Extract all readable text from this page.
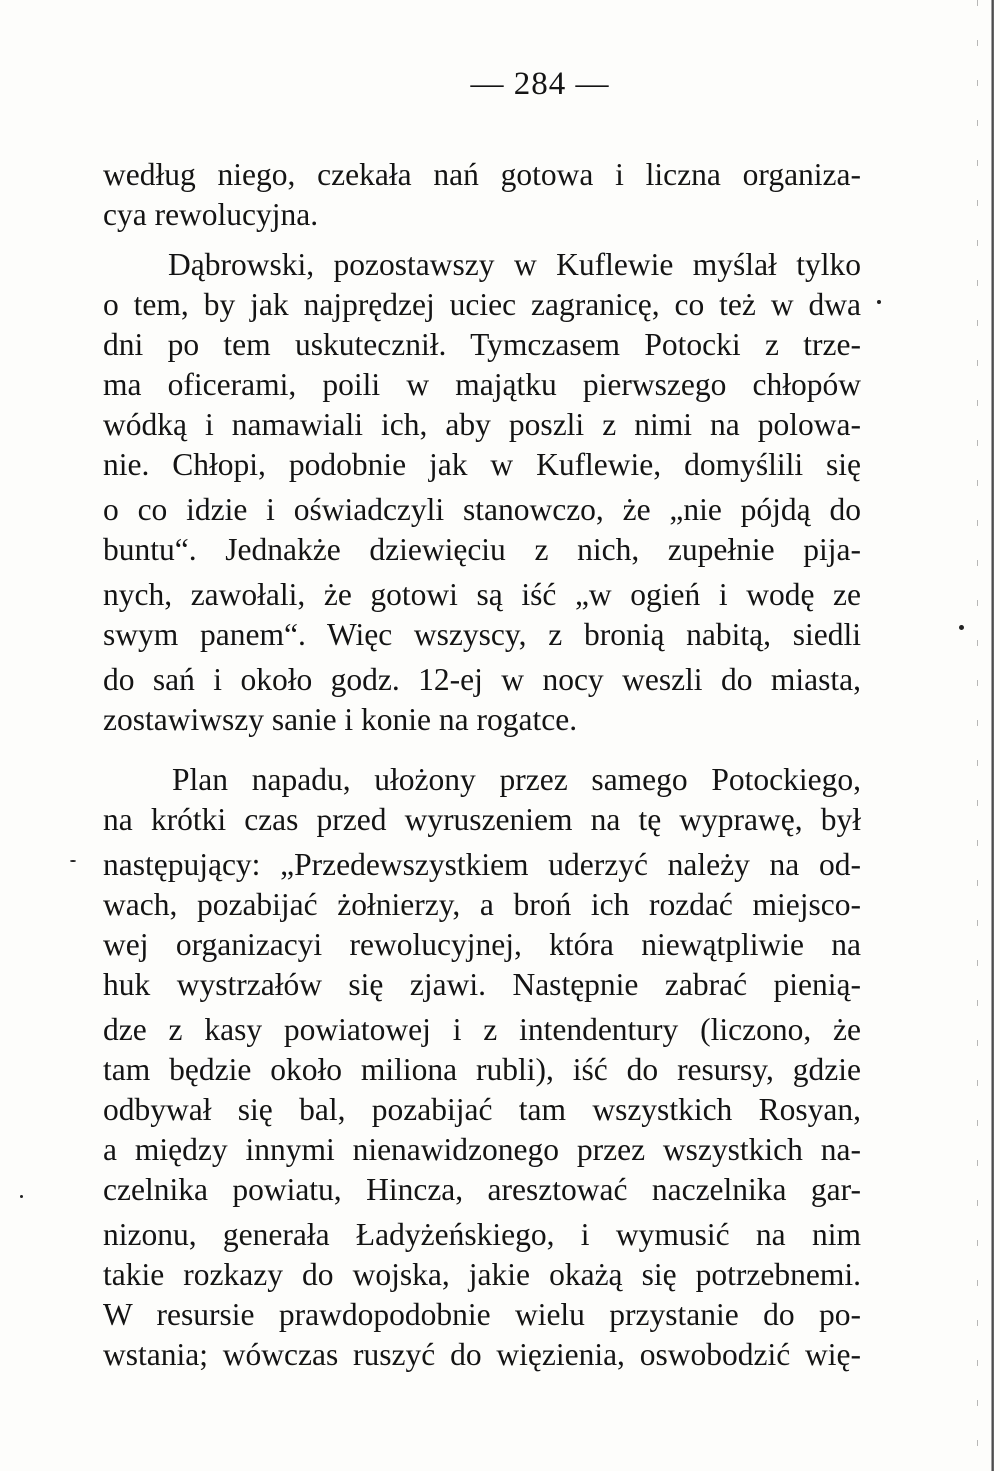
— 284 —
według niego, czekała nań gotowa i liczna organiza-
cya rewolucyjna.
Dąbrowski, pozostawszy w Kuflewie myślał tylko
o tem, by jak najprędzej uciec zagranicę, co też w dwa
dni po tem uskutecznił. Tymczasem Potocki z trze-
ma oficerami, poili w majątku pierwszego chłopów
wódką i namawiali ich, aby poszli z nimi na polowa-
nie. Chłopi, podobnie jak w Kuflewie, domyślili się
o co idzie i oświadczyli stanowczo, że „nie pójdą do
buntu“. Jednakże dziewięciu z nich, zupełnie pija-
nych, zawołali, że gotowi są iść „w ogień i wodę ze
swym panem“. Więc wszyscy, z bronią nabitą, siedli
do sań i około godz. 12-ej w nocy weszli do miasta,
zostawiwszy sanie i konie na rogatce.
Plan napadu, ułożony przez samego Potockiego,
na krótki czas przed wyruszeniem na tę wyprawę, był
następujący: „Przedewszystkiem uderzyć należy na od-
wach, pozabijać żołnierzy, a broń ich rozdać miejsco-
wej organizacyi rewolucyjnej, która niewątpliwie na
huk wystrzałów się zjawi. Następnie zabrać pienią-
dze z kasy powiatowej i z intendentury (liczono, że
tam będzie około miliona rubli), iść do resursy, gdzie
odbywał się bal, pozabijać tam wszystkich Rosyan,
a między innymi nienawidzonego przez wszystkich na-
czelnika powiatu, Hincza, aresztować naczelnika gar-
nizonu, generała Ładyżeńskiego, i wymusić na nim
takie rozkazy do wojska, jakie okażą się potrzebnemi.
W resursie prawdopodobnie wielu przystanie do po-
wstania; wówczas ruszyć do więzienia, oswobodzić wię-
